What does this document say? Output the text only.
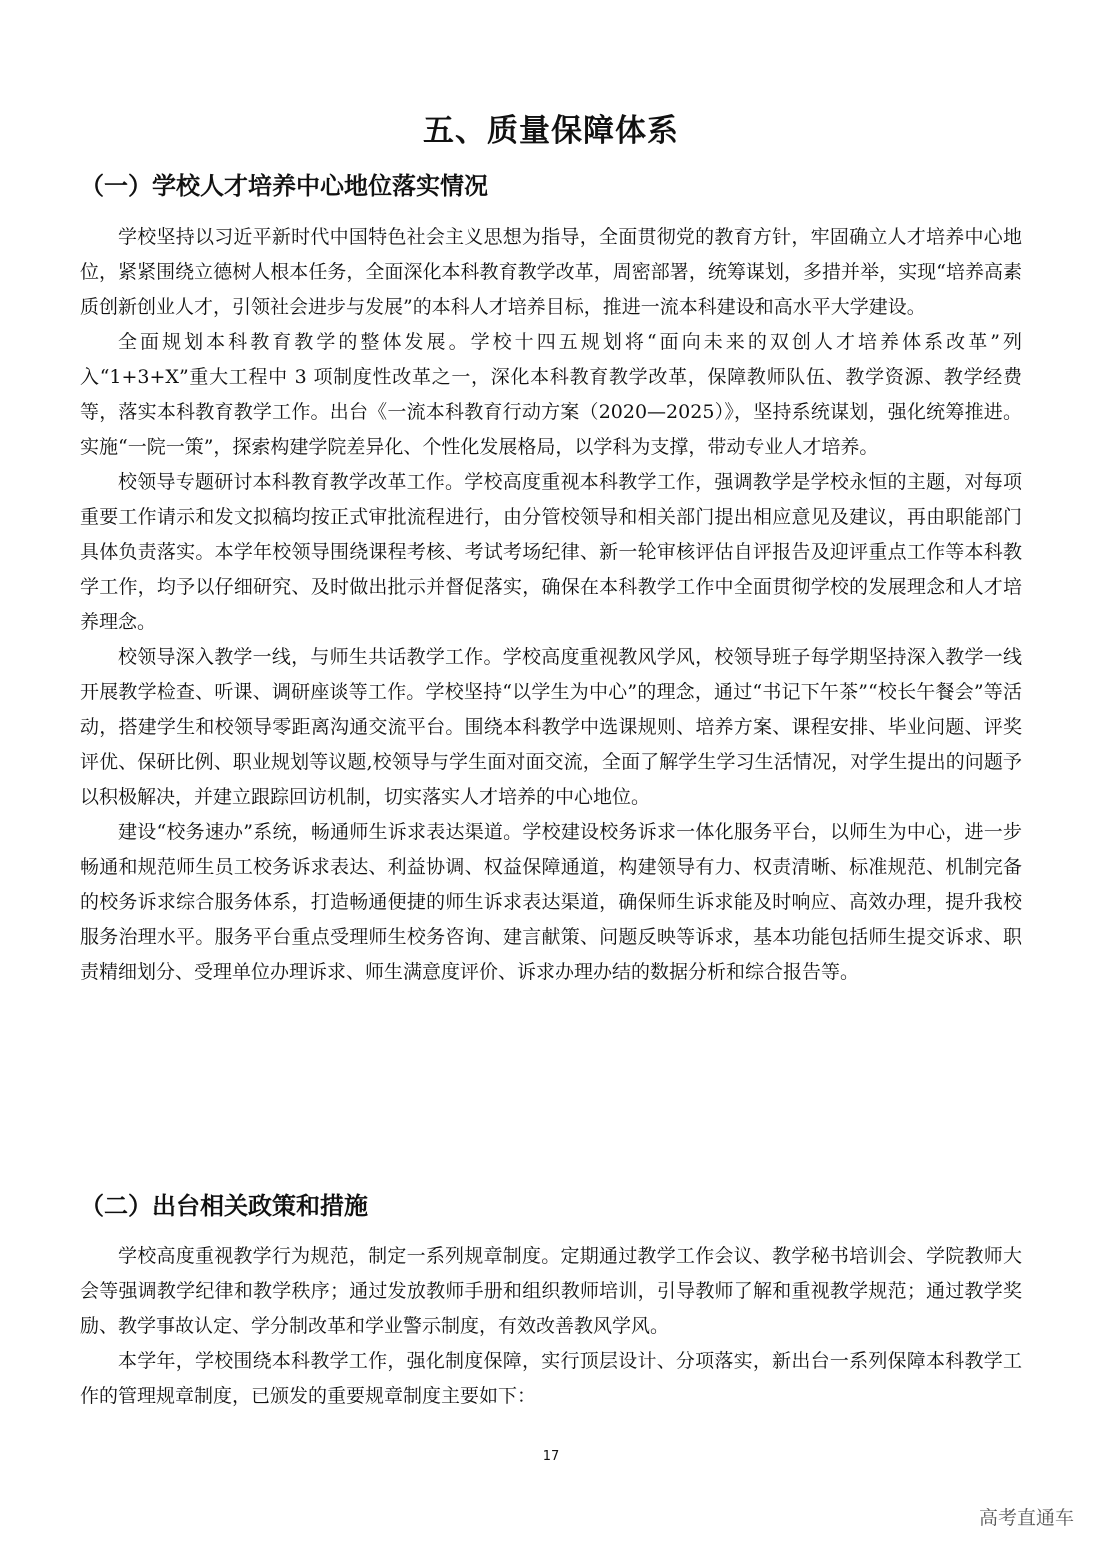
五、质量保障体系
（一）学校人才培养中心地位落实情况

学校坚持以习近平新时代中国特色社会主义思想为指导，全面贯彻党的教育方针，牢固确立人才培养中心地位，紧紧围绕立德树人根本任务，全面深化本科教育教学改革，周密部署，统筹谋划，多措并举，实现“培养高素质创新创业人才，引领社会进步与发展”的本科人才培养目标，推进一流本科建设和高水平大学建设。

全面规划本科教育教学的整体发展。学校十四五规划将“面向未来的双创人才培养体系改革”列入“1+3+X”重大工程中 3 项制度性改革之一，深化本科教育教学改革，保障教师队伍、教学资源、教学经费等，落实本科教育教学工作。出台《一流本科教育行动方案（2020—2025）》，坚持系统谋划，强化统筹推进。实施“一院一策”，探索构建学院差异化、个性化发展格局，以学科为支撑，带动专业人才培养。

校领导专题研讨本科教育教学改革工作。学校高度重视本科教学工作，强调教学是学校永恒的主题，对每项重要工作请示和发文拟稿均按正式审批流程进行，由分管校领导和相关部门提出相应意见及建议，再由职能部门具体负责落实。本学年校领导围绕课程考核、考试考场纪律、新一轮审核评估自评报告及迎评重点工作等本科教学工作，均予以仔细研究、及时做出批示并督促落实，确保在本科教学工作中全面贯彻学校的发展理念和人才培养理念。

校领导深入教学一线，与师生共话教学工作。学校高度重视教风学风，校领导班子每学期坚持深入教学一线开展教学检查、听课、调研座谈等工作。学校坚持“以学生为中心”的理念，通过“书记下午茶”“校长午餐会”等活动，搭建学生和校领导零距离沟通交流平台。围绕本科教学中选课规则、培养方案、课程安排、毕业问题、评奖评优、保研比例、职业规划等议题,校领导与学生面对面交流，全面了解学生学习生活情况，对学生提出的问题予以积极解决，并建立跟踪回访机制，切实落实人才培养的中心地位。

建设“校务速办”系统，畅通师生诉求表达渠道。学校建设校务诉求一体化服务平台，以师生为中心，进一步畅通和规范师生员工校务诉求表达、利益协调、权益保障通道，构建领导有力、权责清晰、标准规范、机制完备的校务诉求综合服务体系，打造畅通便捷的师生诉求表达渠道，确保师生诉求能及时响应、高效办理，提升我校服务治理水平。服务平台重点受理师生校务咨询、建言献策、问题反映等诉求，基本功能包括师生提交诉求、职责精细划分、受理单位办理诉求、师生满意度评价、诉求办理办结的数据分析和综合报告等。

（二）出台相关政策和措施

学校高度重视教学行为规范，制定一系列规章制度。定期通过教学工作会议、教学秘书培训会、学院教师大会等强调教学纪律和教学秩序；通过发放教师手册和组织教师培训，引导教师了解和重视教学规范；通过教学奖励、教学事故认定、学分制改革和学业警示制度，有效改善教风学风。

本学年，学校围绕本科教学工作，强化制度保障，实行顶层设计、分项落实，新出台一系列保障本科教学工作的管理规章制度，已颁发的重要规章制度主要如下：

17
高考直通车
